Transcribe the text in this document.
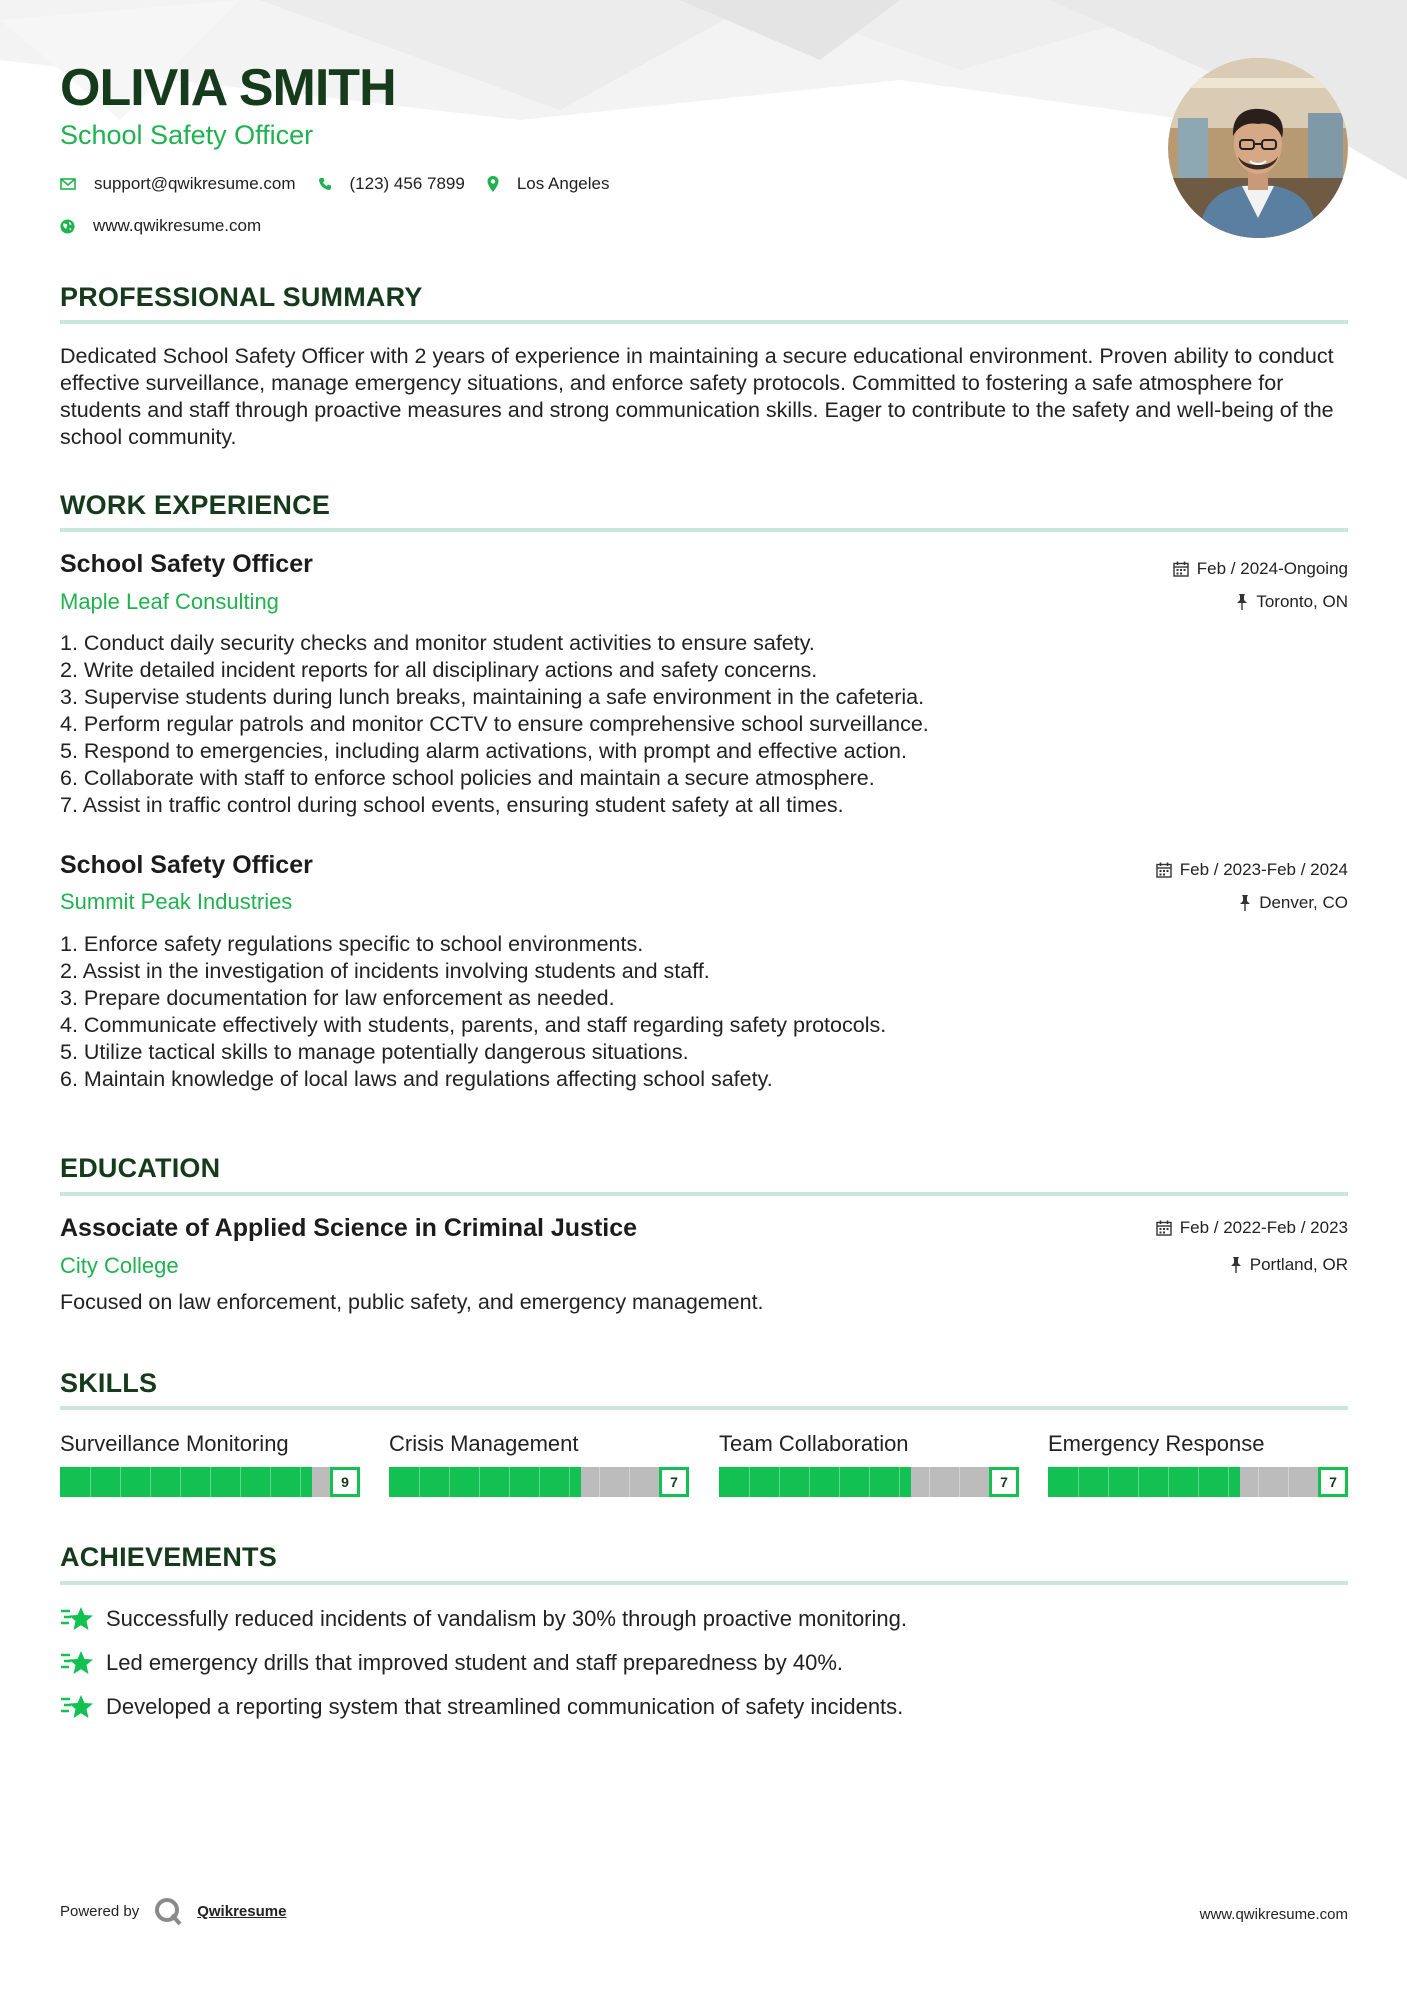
OLIVIA SMITH

School Safety Officer

support@qwikresume.com	(123) 456 7899	Los Angeles
www.qwikresume.com
PROFESSIONAL SUMMARY

Dedicated School Safety Officer with 2 years of experience in maintaining a secure educational environment. Proven ability to conduct effective surveillance, manage emergency situations, and enforce safety protocols. Committed to fostering a safe atmosphere for students and staff through proactive measures and strong communication skills. Eager to contribute to the safety and well-being of the school community.

WORK EXPERIENCE
School Safety Officer

Maple Leaf Consulting

Feb / 2024-Ongoing
Toronto, ON
1. Conduct daily security checks and monitor student activities to ensure safety.
2. Write detailed incident reports for all disciplinary actions and safety concerns.
3. Supervise students during lunch breaks, maintaining a safe environment in the cafeteria.
4. Perform regular patrols and monitor CCTV to ensure comprehensive school surveillance.
5. Respond to emergencies, including alarm activations, with prompt and effective action.
6. Collaborate with staff to enforce school policies and maintain a secure atmosphere.
7. Assist in traffic control during school events, ensuring student safety at all times.
School Safety Officer

Summit Peak Industries

Feb / 2023-Feb / 2024
Denver, CO
1. Enforce safety regulations specific to school environments.
2. Assist in the investigation of incidents involving students and staff.
3. Prepare documentation for law enforcement as needed.
4. Communicate effectively with students, parents, and staff regarding safety protocols.
5. Utilize tactical skills to manage potentially dangerous situations.
6. Maintain knowledge of local laws and regulations affecting school safety.
EDUCATION
Associate of Applied Science in Criminal Justice

City College

Feb / 2022-Feb / 2023
Portland, OR

Focused on law enforcement, public safety, and emergency management.

SKILLS
Surveillance Monitoring
9
Crisis Management
7
Team Collaboration
7
Emergency Response
7
ACHIEVEMENTS
Successfully reduced incidents of vandalism by 30% through proactive monitoring.
Led emergency drills that improved student and staff preparedness by 40%.
Developed a reporting system that streamlined communication of safety incidents.
Powered by	Qwikresume	www.qwikresume.com
